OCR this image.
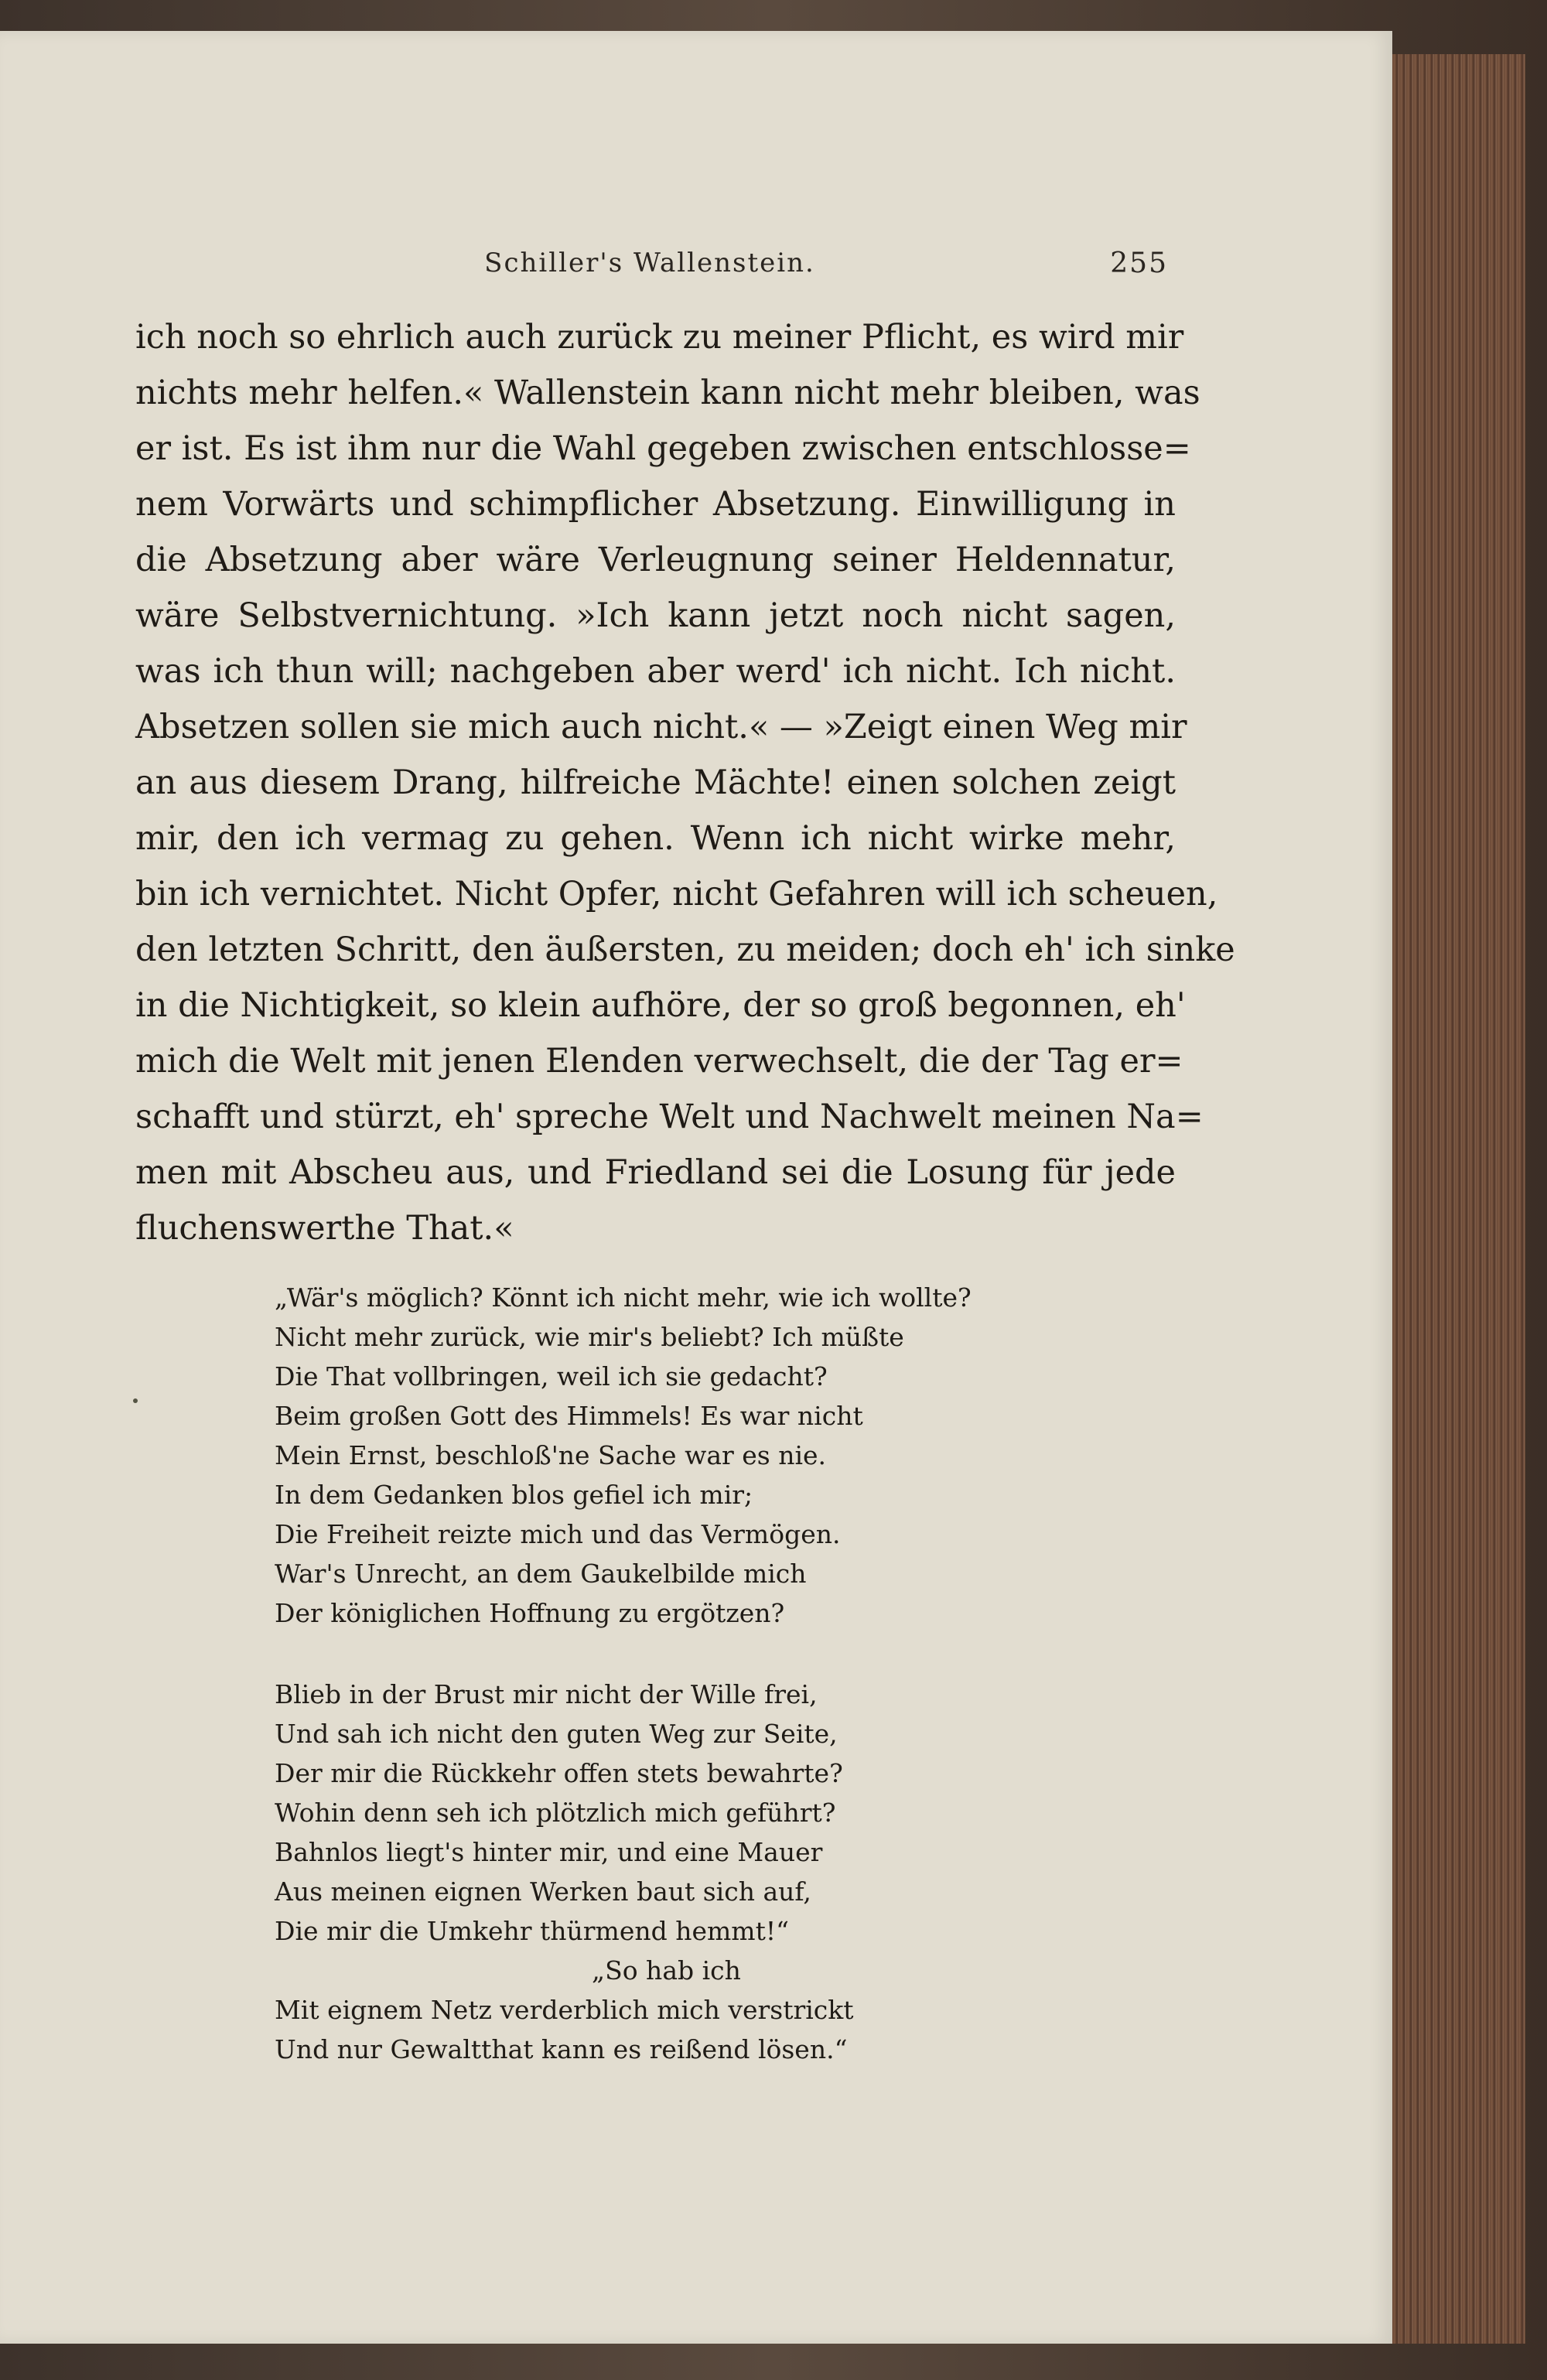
Schiller's Wallenstein.	255
ich noch so ehrlich auch zurück zu meiner Pflicht, es wird mir
nichts mehr helfen.« Wallenstein kann nicht mehr bleiben, was
er ist. Es ist ihm nur die Wahl gegeben zwischen entschlosse=
nem Vorwärts und schimpflicher Absetzung. Einwilligung in
die Absetzung aber wäre Verleugnung seiner Heldennatur,
wäre Selbstvernichtung. »Ich kann jetzt noch nicht sagen,
was ich thun will; nachgeben aber werd' ich nicht. Ich nicht.
Absetzen sollen sie mich auch nicht.« — »Zeigt einen Weg mir
an aus diesem Drang, hilfreiche Mächte! einen solchen zeigt
mir, den ich vermag zu gehen. Wenn ich nicht wirke mehr,
bin ich vernichtet. Nicht Opfer, nicht Gefahren will ich scheuen,
den letzten Schritt, den äußersten, zu meiden; doch eh' ich sinke
in die Nichtigkeit, so klein aufhöre, der so groß begonnen, eh'
mich die Welt mit jenen Elenden verwechselt, die der Tag er=
schafft und stürzt, eh' spreche Welt und Nachwelt meinen Na=
men mit Abscheu aus, und Friedland sei die Losung für jede
fluchenswerthe That.«
„Wär's möglich? Könnt ich nicht mehr, wie ich wollte?
Nicht mehr zurück, wie mir's beliebt? Ich müßte
Die That vollbringen, weil ich sie gedacht?
Beim großen Gott des Himmels! Es war nicht
Mein Ernst, beschloß'ne Sache war es nie.
In dem Gedanken blos gefiel ich mir;
Die Freiheit reizte mich und das Vermögen.
War's Unrecht, an dem Gaukelbilde mich
Der königlichen Hoffnung zu ergötzen?
Blieb in der Brust mir nicht der Wille frei,
Und sah ich nicht den guten Weg zur Seite,
Der mir die Rückkehr offen stets bewahrte?
Wohin denn seh ich plötzlich mich geführt?
Bahnlos liegt's hinter mir, und eine Mauer
Aus meinen eignen Werken baut sich auf,
Die mir die Umkehr thürmend hemmt!“
„So hab ich
Mit eignem Netz verderblich mich verstrickt
Und nur Gewaltthat kann es reißend lösen.“
